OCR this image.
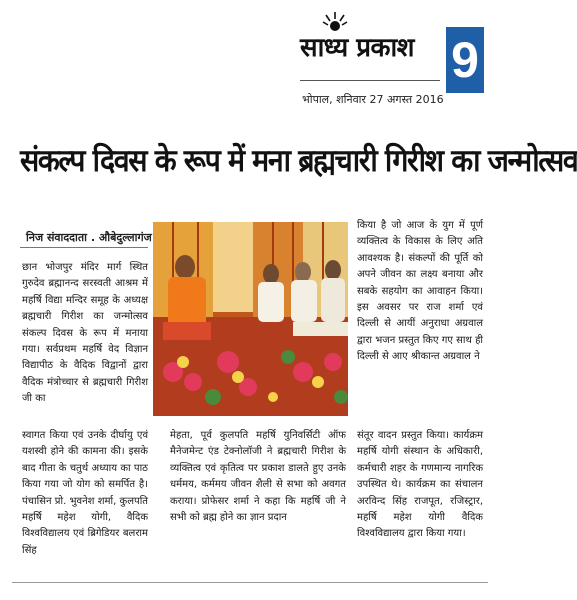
साध्य प्रकाश
भोपाल, शनिवार 27 अगस्त 2016
9
संकल्प दिवस के रूप में मना ब्रह्मचारी गिरीश का जन्मोत्सव
निज संवाददाता . औबेदुल्लागंज

छान भोजपुर मंदिर मार्ग स्थित गुरुदेव ब्रह्मानन्द सरस्वती आश्रम में महर्षि विद्या मन्दिर समूह के अध्यक्ष ब्रह्मचारी गिरीश का जन्मोत्सव संकल्प दिवस के रूप में मनाया गया। सर्वप्रथम महर्षि वेद विज्ञान विद्यापीठ के वैदिक विद्वानों द्वारा वैदिक मंत्रोच्चार से ब्रह्मचारी गिरीश जी का

किया है जो आज के युग में पूर्ण व्यक्तित्व के विकास के लिए अति आवश्यक है। संकल्पों की पूर्ति को अपने जीवन का लक्ष्य बनाया और सबके सहयोग का आवाहन किया। इस अवसर पर राज शर्मा एवं दिल्ली से आयीं अनुराधा अग्रवाल द्वारा भजन प्रस्तुत किए गए साथ ही दिल्ली से आए श्रीकान्त अग्रवाल ने

स्वागत किया एवं उनके दीर्घायु एवं यशस्वी होने की कामना की। इसके बाद गीता के चतुर्थ अध्याय का पाठ किया गया जो योग को समर्पित है। पंचासिन प्रो. भुवनेश शर्मा, कुलपति महर्षि महेश योगी, वैदिक विश्वविद्यालय एवं ब्रिगेडियर बलराम सिंह

मेहता, पूर्व कुलपति महर्षि युनिवर्सिटी ऑफ मैनेजमेन्ट एंड टेक्नोलॉजी ने ब्रह्मचारी गिरीश के व्यक्तित्व एवं कृतित्व पर प्रकाश डालते हुए उनके धर्ममय, कर्ममय जीवन शैली से सभा को अवगत कराया। प्रोफेसर शर्मा ने कहा कि महर्षि जी ने सभी को ब्रह्म होने का ज्ञान प्रदान

संतूर वादन प्रस्तुत किया। कार्यक्रम महर्षि योगी संस्थान के अधिकारी, कर्मचारी शहर के गणमान्य नागरिक उपस्थित थे। कार्यक्रम का संचालन अरविन्द सिंह राजपूत, रजिस्ट्रार, महर्षि महेश योगी वैदिक विश्वविद्यालय द्वारा किया गया।
